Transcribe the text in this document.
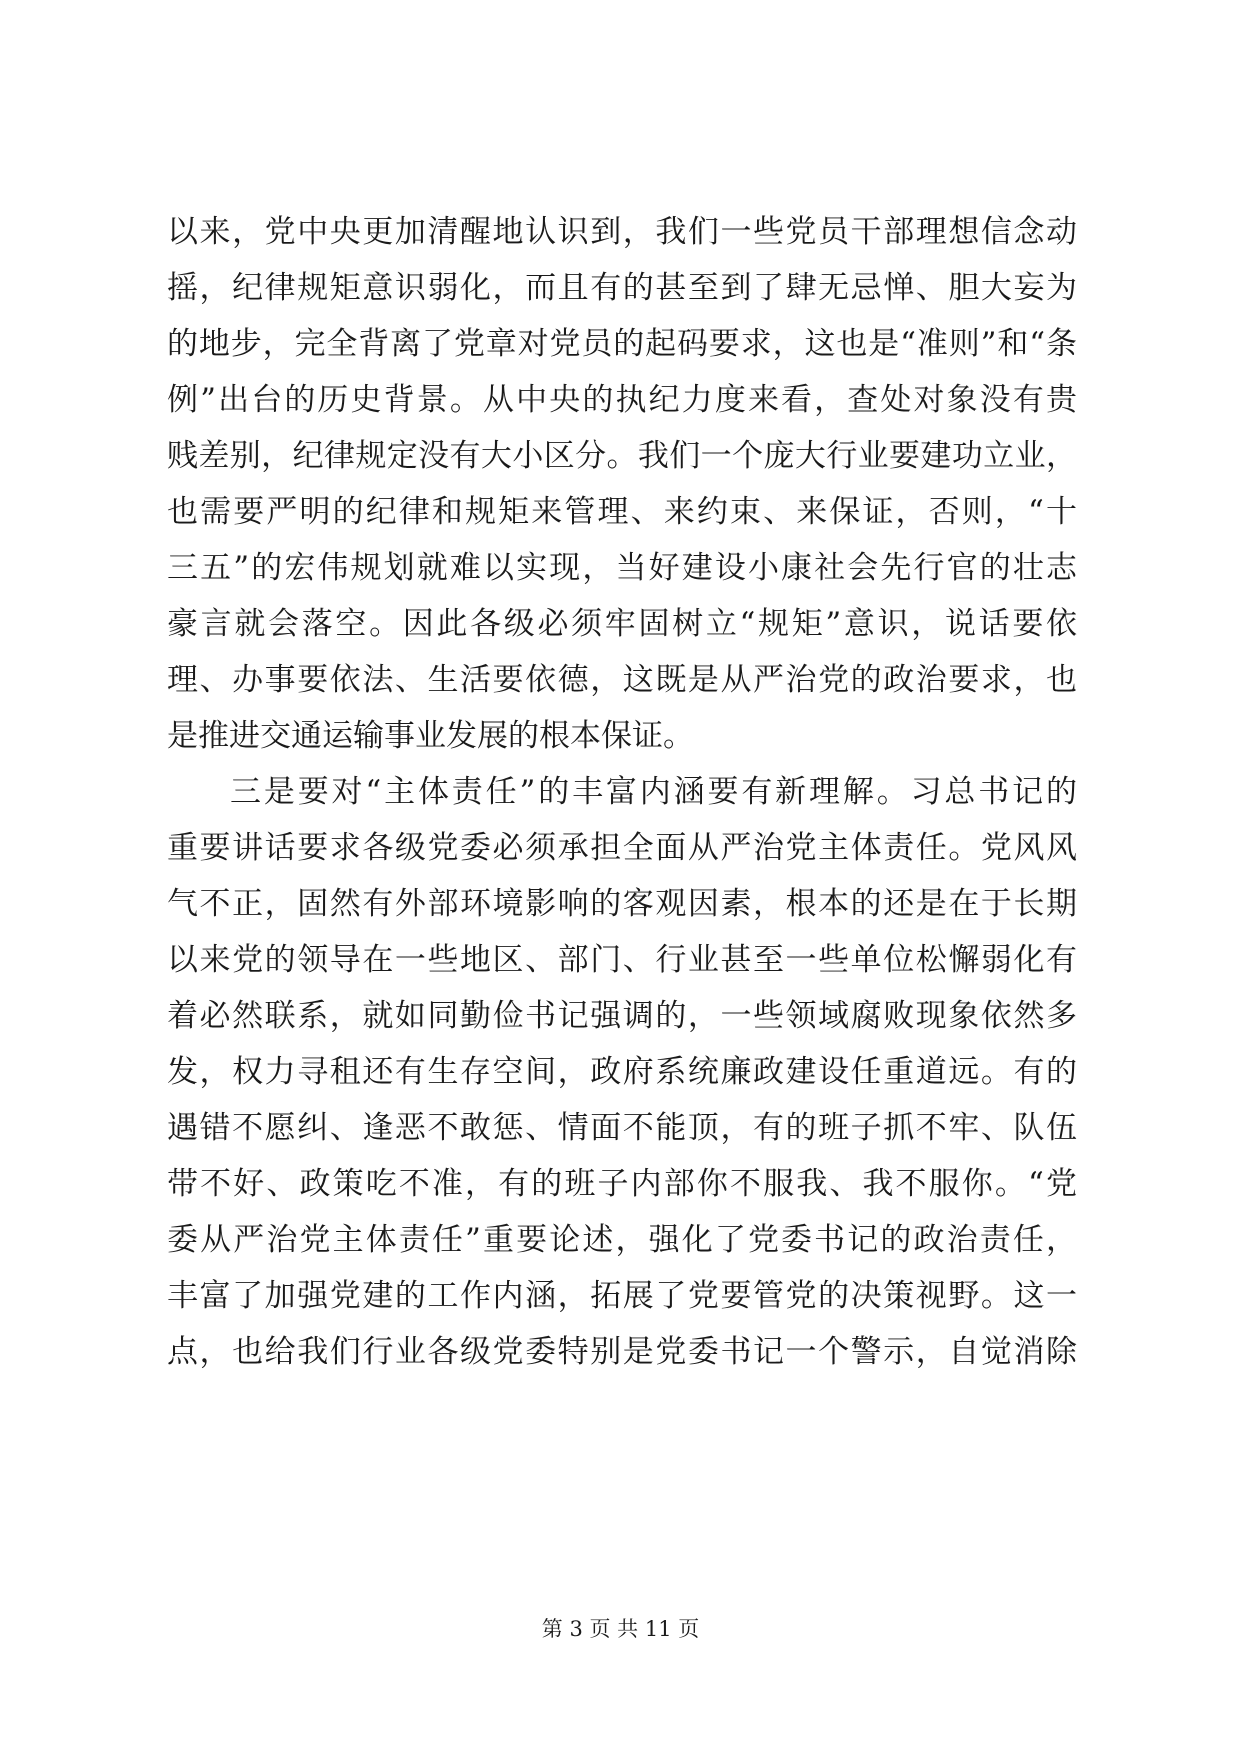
以来，党中央更加清醒地认识到，我们一些党员干部理想信念动
摇，纪律规矩意识弱化，而且有的甚至到了肆无忌惮、胆大妄为
的地步，完全背离了党章对党员的起码要求，这也是“准则”和“条
例”出台的历史背景。从中央的执纪力度来看，查处对象没有贵
贱差别，纪律规定没有大小区分。我们一个庞大行业要建功立业，
也需要严明的纪律和规矩来管理、来约束、来保证，否则，“十
三五”的宏伟规划就难以实现，当好建设小康社会先行官的壮志
豪言就会落空。因此各级必须牢固树立“规矩”意识，说话要依
理、办事要依法、生活要依德，这既是从严治党的政治要求，也
是推进交通运输事业发展的根本保证。
三是要对“主体责任”的丰富内涵要有新理解。习总书记的
重要讲话要求各级党委必须承担全面从严治党主体责任。党风风
气不正，固然有外部环境影响的客观因素，根本的还是在于长期
以来党的领导在一些地区、部门、行业甚至一些单位松懈弱化有
着必然联系，就如同勤俭书记强调的，一些领域腐败现象依然多
发，权力寻租还有生存空间，政府系统廉政建设任重道远。有的
遇错不愿纠、逢恶不敢惩、情面不能顶，有的班子抓不牢、队伍
带不好、政策吃不准，有的班子内部你不服我、我不服你。“党
委从严治党主体责任”重要论述，强化了党委书记的政治责任，
丰富了加强党建的工作内涵，拓展了党要管党的决策视野。这一
点，也给我们行业各级党委特别是党委书记一个警示，自觉消除
第 3 页 共 11 页
